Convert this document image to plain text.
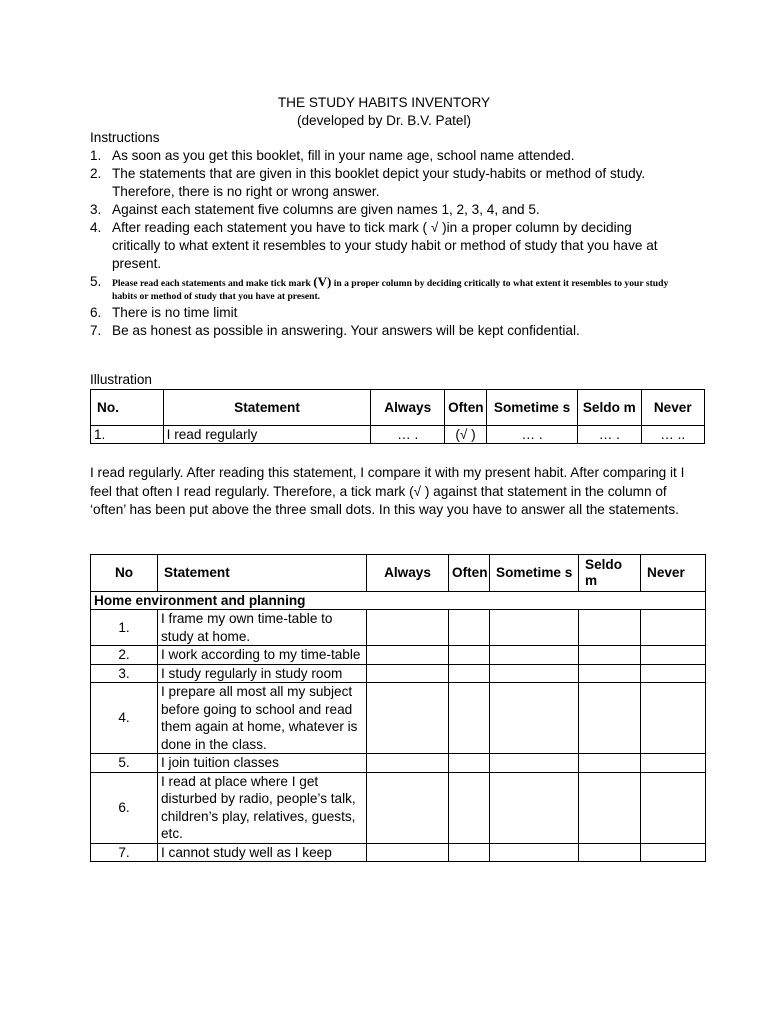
THE STUDY HABITS INVENTORY
(developed by Dr. B.V. Patel)
Instructions
1. As soon as you get this booklet, fill in your name age, school name attended.
2. The statements that are given in this booklet depict your study-habits or method of study. Therefore, there is no right or wrong answer.
3. Against each statement five columns are given names 1, 2, 3, 4, and 5.
4. After reading each statement you have to tick mark ( √ )in a proper column by deciding critically to what extent it resembles to your study habit or method of study that you have at present.
5.	Please read each statements and make tick mark (V) in a proper column by deciding critically to what extent it resembles to your study habits or method of study that you have at present.
6. There is no time limit
7. Be as honest as possible in answering. Your answers will be kept confidential.
Illustration
No.	Statement	Always	Often	Sometime s	Seldo m	Never
1.	I read regularly	… .	(√ )	… .	… .	… ..
I read regularly. After reading this statement, I compare it with my present habit. After comparing it I feel that often I read regularly. Therefore, a tick mark (√ ) against that statement in the column of ‘often’ has been put above the three small dots. In this way you have to answer all the statements.
No	Statement	Always	Often	Sometime s	Seldo m	Never
Home environment and planning						
1.	I frame my own time-table to study at home.					
2.	I work according to my time-table					
3.	I study regularly in study room					
4.	I prepare all most all my subject before going to school and read them again at home, whatever is done in the class.					
5.	I join tuition classes					
6.	I read at place where I get disturbed by radio, people’s talk, children’s play, relatives, guests, etc.					
7.	I cannot study well as I keep					
